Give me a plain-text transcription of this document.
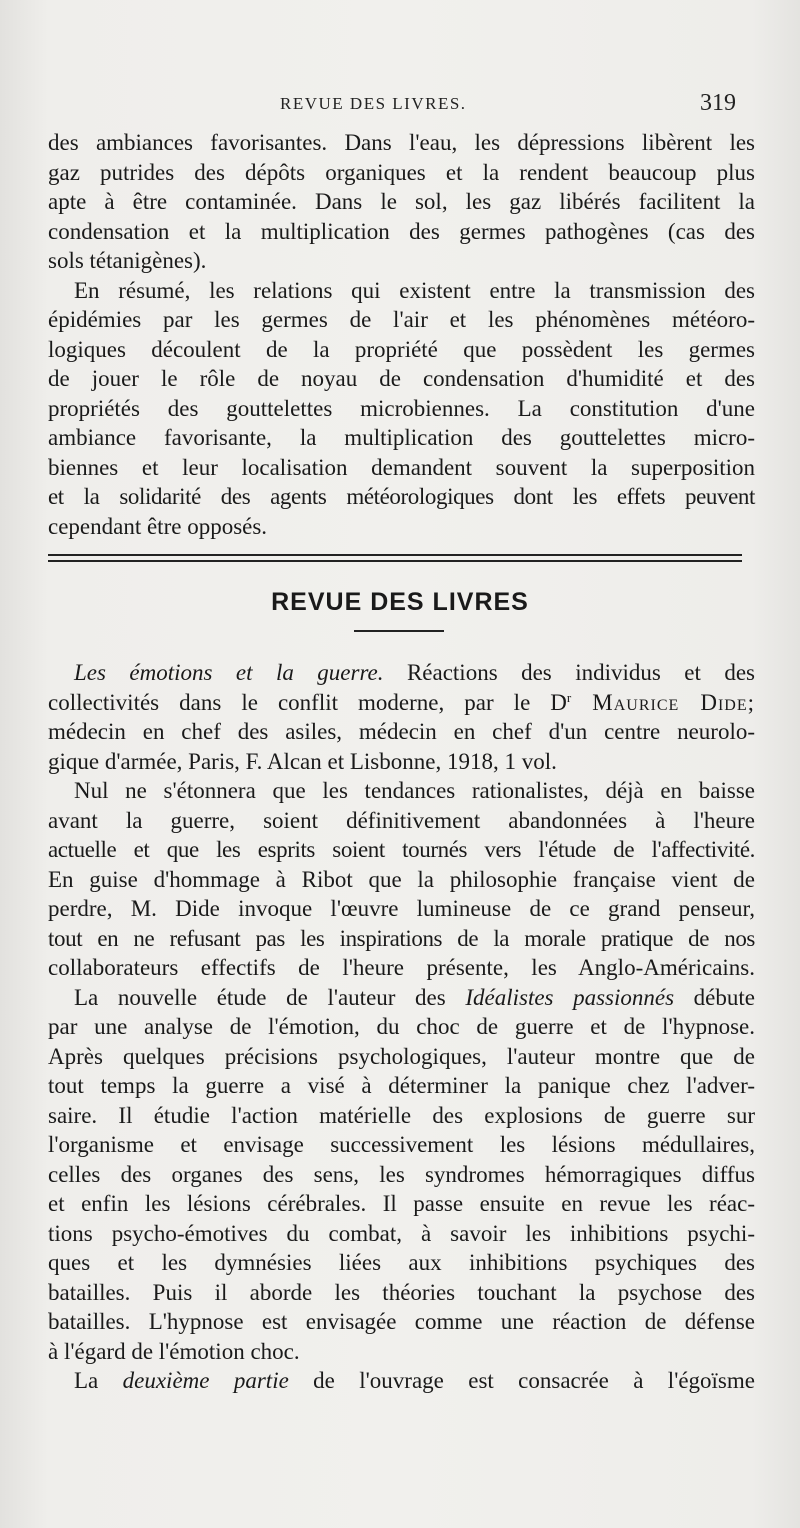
REVUE DES LIVRES.	319

des ambiances favorisantes. Dans l'eau, les dépressions libèrent les

gaz putrides des dépôts organiques et la rendent beaucoup plus

apte à être contaminée. Dans le sol, les gaz libérés facilitent la

condensation et la multiplication des germes pathogènes (cas des

sols tétanigènes).

En résumé, les relations qui existent entre la transmission des

épidémies par les germes de l'air et les phénomènes météoro-

logiques découlent de la propriété que possèdent les germes

de jouer le rôle de noyau de condensation d'humidité et des

propriétés des gouttelettes microbiennes. La constitution d'une

ambiance favorisante, la multiplication des gouttelettes micro-

biennes et leur localisation demandent souvent la superposition

et la solidarité des agents météorologiques dont les effets peuvent

cependant être opposés.

REVUE DES LIVRES

Les émotions et la guerre. Réactions des individus et des

collectivités dans le conflit moderne, par le $D^r$ Maurice Dide;

médecin en chef des asiles, médecin en chef d'un centre neurolo-

gique d'armée, Paris, F. Alcan et Lisbonne, 1918, 1 vol.

Nul ne s'étonnera que les tendances rationalistes, déjà en baisse

avant la guerre, soient définitivement abandonnées à l'heure

actuelle et que les esprits soient tournés vers l'étude de l'affectivité.

En guise d'hommage à Ribot que la philosophie française vient de

perdre, M. Dide invoque l'œuvre lumineuse de ce grand penseur,

tout en ne refusant pas les inspirations de la morale pratique de nos

collaborateurs effectifs de l'heure présente, les Anglo-Américains.

La nouvelle étude de l'auteur des Idéalistes passionnés débute

par une analyse de l'émotion, du choc de guerre et de l'hypnose.

Après quelques précisions psychologiques, l'auteur montre que de

tout temps la guerre a visé à déterminer la panique chez l'adver-

saire. Il étudie l'action matérielle des explosions de guerre sur

l'organisme et envisage successivement les lésions médullaires,

celles des organes des sens, les syndromes hémorragiques diffus

et enfin les lésions cérébrales. Il passe ensuite en revue les réac-

tions psycho-émotives du combat, à savoir les inhibitions psychi-

ques et les dymnésies liées aux inhibitions psychiques des

batailles. Puis il aborde les théories touchant la psychose des

batailles. L'hypnose est envisagée comme une réaction de défense

à l'égard de l'émotion choc.

La deuxième partie de l'ouvrage est consacrée à l'égoïsme
